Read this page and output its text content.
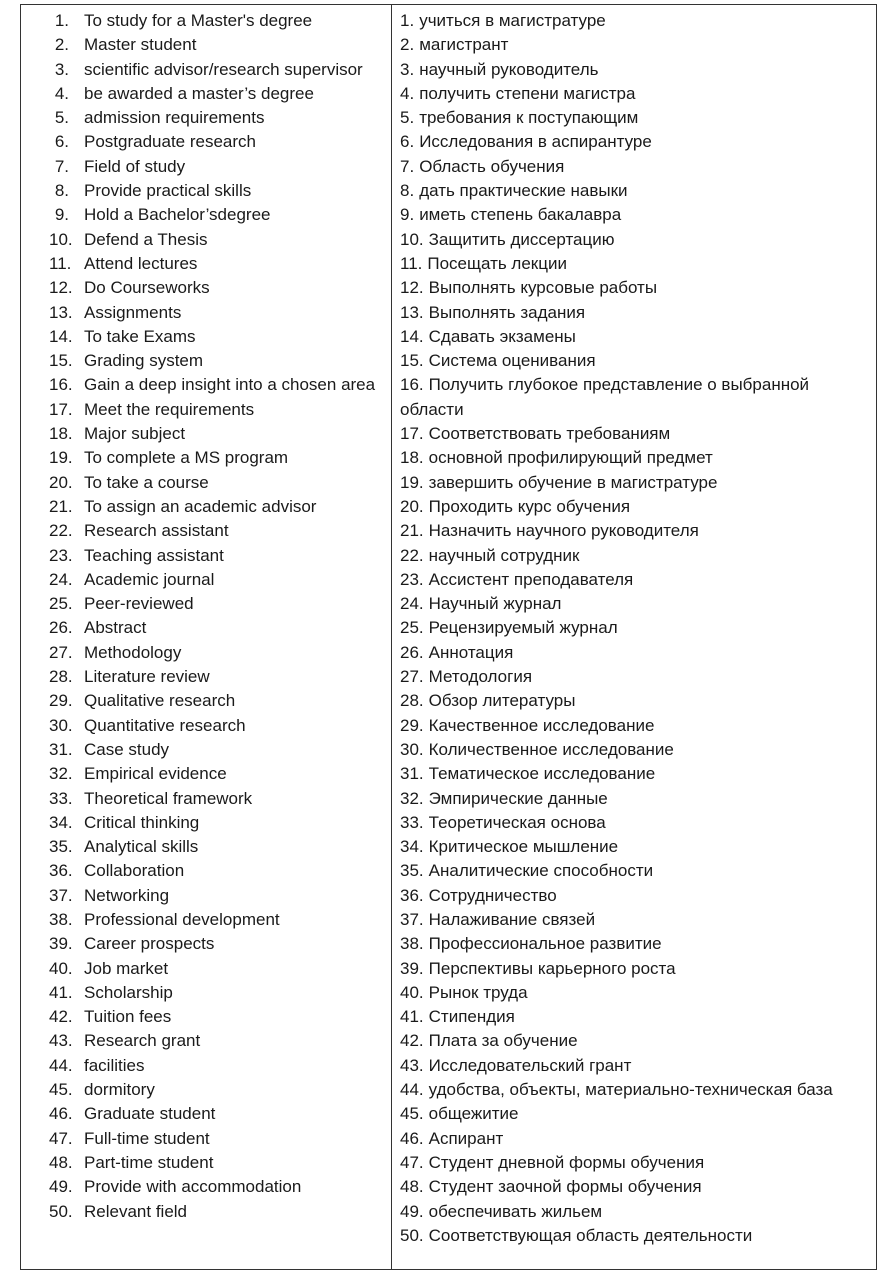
1. To study for a Master's degree
2. Master student
3. scientific advisor/research supervisor
4. be awarded a master’s degree
5. admission requirements
6. Postgraduate research
7. Field of study
8. Provide practical skills
9. Hold a Bachelor’sdegree
10. Defend a Thesis
11. Attend lectures
12. Do Courseworks
13. Assignments
14. To take Exams
15. Grading system
16. Gain a deep insight into a chosen area
17. Meet the requirements
18. Major subject
19. To complete a MS program
20. To take a course
21. To assign an academic advisor
22. Research assistant
23. Teaching assistant
24. Academic journal
25. Peer-reviewed
26. Abstract
27. Methodology
28. Literature review
29. Qualitative research
30. Quantitative research
31. Case study
32. Empirical evidence
33. Theoretical framework
34. Critical thinking
35. Analytical skills
36. Collaboration
37. Networking
38. Professional development
39. Career prospects
40. Job market
41. Scholarship
42. Tuition fees
43. Research grant
44. facilities
45. dormitory
46. Graduate student
47. Full-time student
48. Part-time student
49. Provide with accommodation
50. Relevant field
1. учиться в магистратуре
2. магистрант
3. научный руководитель
4. получить степени магистра
5. требования к поступающим
6. Исследования в аспирантуре
7. Область обучения
8. дать практические навыки
9. иметь степень бакалавра
10. Защитить диссертацию
11. Посещать лекции
12. Выполнять курсовые работы
13. Выполнять задания
14. Сдавать экзамены
15. Система оценивания
16. Получить глубокое представление о выбранной области
17. Соответствовать требованиям
18. основной профилирующий предмет
19. завершить обучение в магистратуре
20. Проходить курс обучения
21. Назначить научного руководителя
22. научный сотрудник
23. Ассистент преподавателя
24. Научный журнал
25. Рецензируемый журнал
26. Аннотация
27. Методология
28. Обзор литературы
29. Качественное исследование
30. Количественное исследование
31. Тематическое исследование
32. Эмпирические данные
33. Теоретическая основа
34. Критическое мышление
35. Аналитические способности
36. Сотрудничество
37. Налаживание связей
38. Профессиональное развитие
39. Перспективы карьерного роста
40. Рынок труда
41. Стипендия
42. Плата за обучение
43. Исследовательский грант
44. удобства, объекты, материально-техническая база
45. общежитие
46. Аспирант
47. Студент дневной формы обучения
48. Студент заочной формы обучения
49. обеспечивать жильем
50. Соответствующая область деятельности
